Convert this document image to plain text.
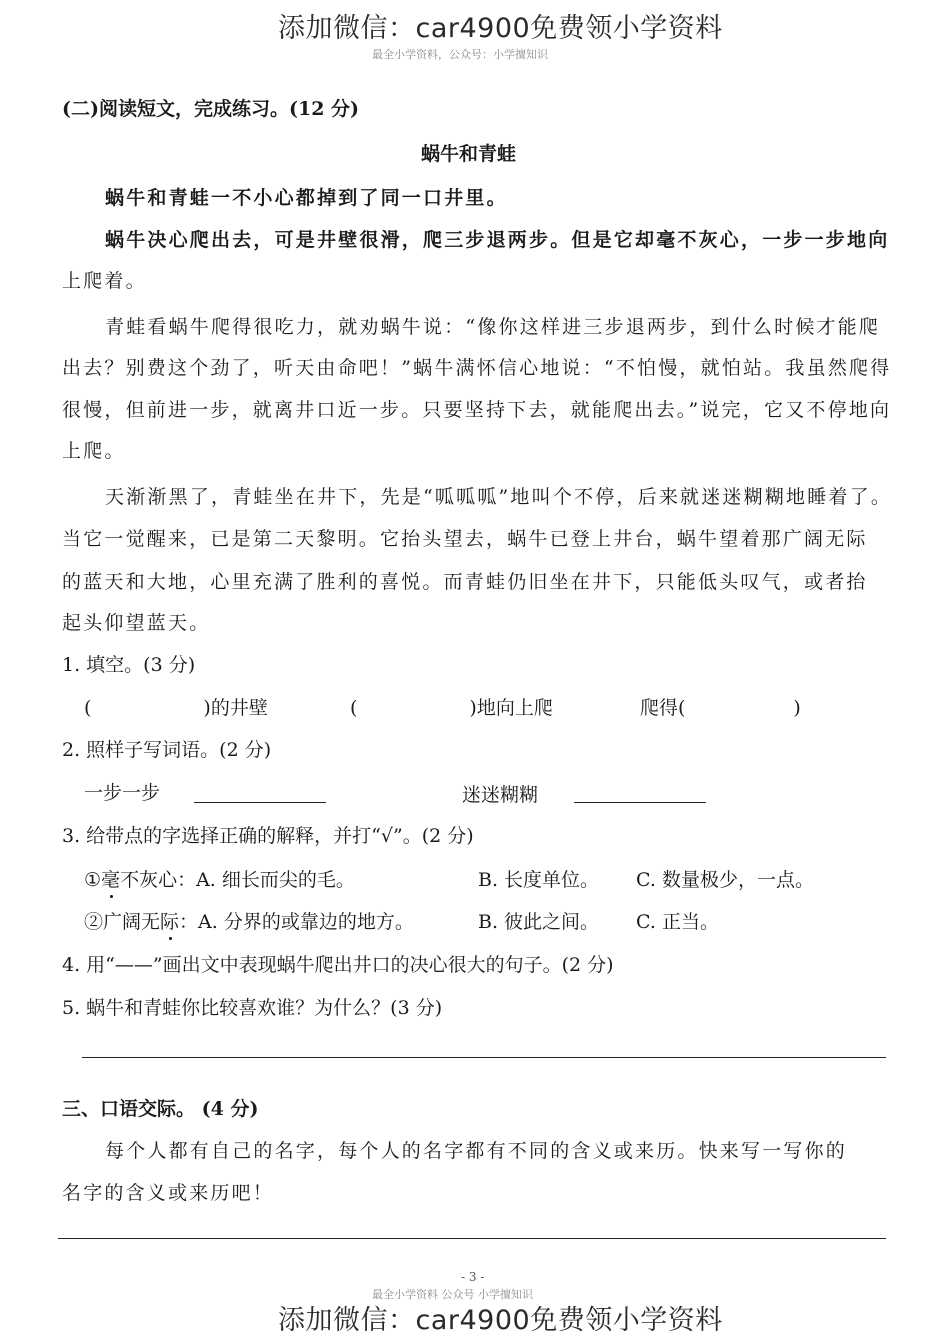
添加微信：car4900免费领小学资料
最全小学资料，公众号：小学擅知识
(二)阅读短文，完成练习。(12 分)
蜗牛和青蛙
蜗牛和青蛙一不小心都掉到了同一口井里。
蜗牛决心爬出去，可是井壁很滑，爬三步退两步。但是它却毫不灰心，一步一步地向
上爬着。
青蛙看蜗牛爬得很吃力，就劝蜗牛说：“像你这样进三步退两步，到什么时候才能爬
出去？别费这个劲了，听天由命吧！”蜗牛满怀信心地说：“不怕慢，就怕站。我虽然爬得
很慢，但前进一步，就离井口近一步。只要坚持下去，就能爬出去。”说完，它又不停地向
上爬。
天渐渐黑了，青蛙坐在井下，先是“呱呱呱”地叫个不停，后来就迷迷糊糊地睡着了。
当它一觉醒来，已是第二天黎明。它抬头望去，蜗牛已登上井台，蜗牛望着那广阔无际
的蓝天和大地，心里充满了胜利的喜悦。而青蛙仍旧坐在井下，只能低头叹气，或者抬
起头仰望蓝天。
1. 填空。(3 分)
(	)的井壁	(	)地向上爬	爬得(	)
2. 照样子写词语。(2 分)
一步一步	迷迷糊糊
3. 给带点的字选择正确的解释，并打“√”。(2 分)
①毫不灰心：A. 细长而尖的毛。	B. 长度单位。 C. 数量极少，一点。
②广阔无际：A. 分界的或靠边的地方。	B. 彼此之间。 C. 正当。
4. 用“——”画出文中表现蜗牛爬出井口的决心很大的句子。(2 分)
5. 蜗牛和青蛙你比较喜欢谁？为什么？(3 分)
三、口语交际。 (4 分)
每个人都有自己的名字，每个人的名字都有不同的含义或来历。快来写一写你的
名字的含义或来历吧！
- 3 -
最全小学资料 公众号 小学擅知识
添加微信：car4900免费领小学资料
